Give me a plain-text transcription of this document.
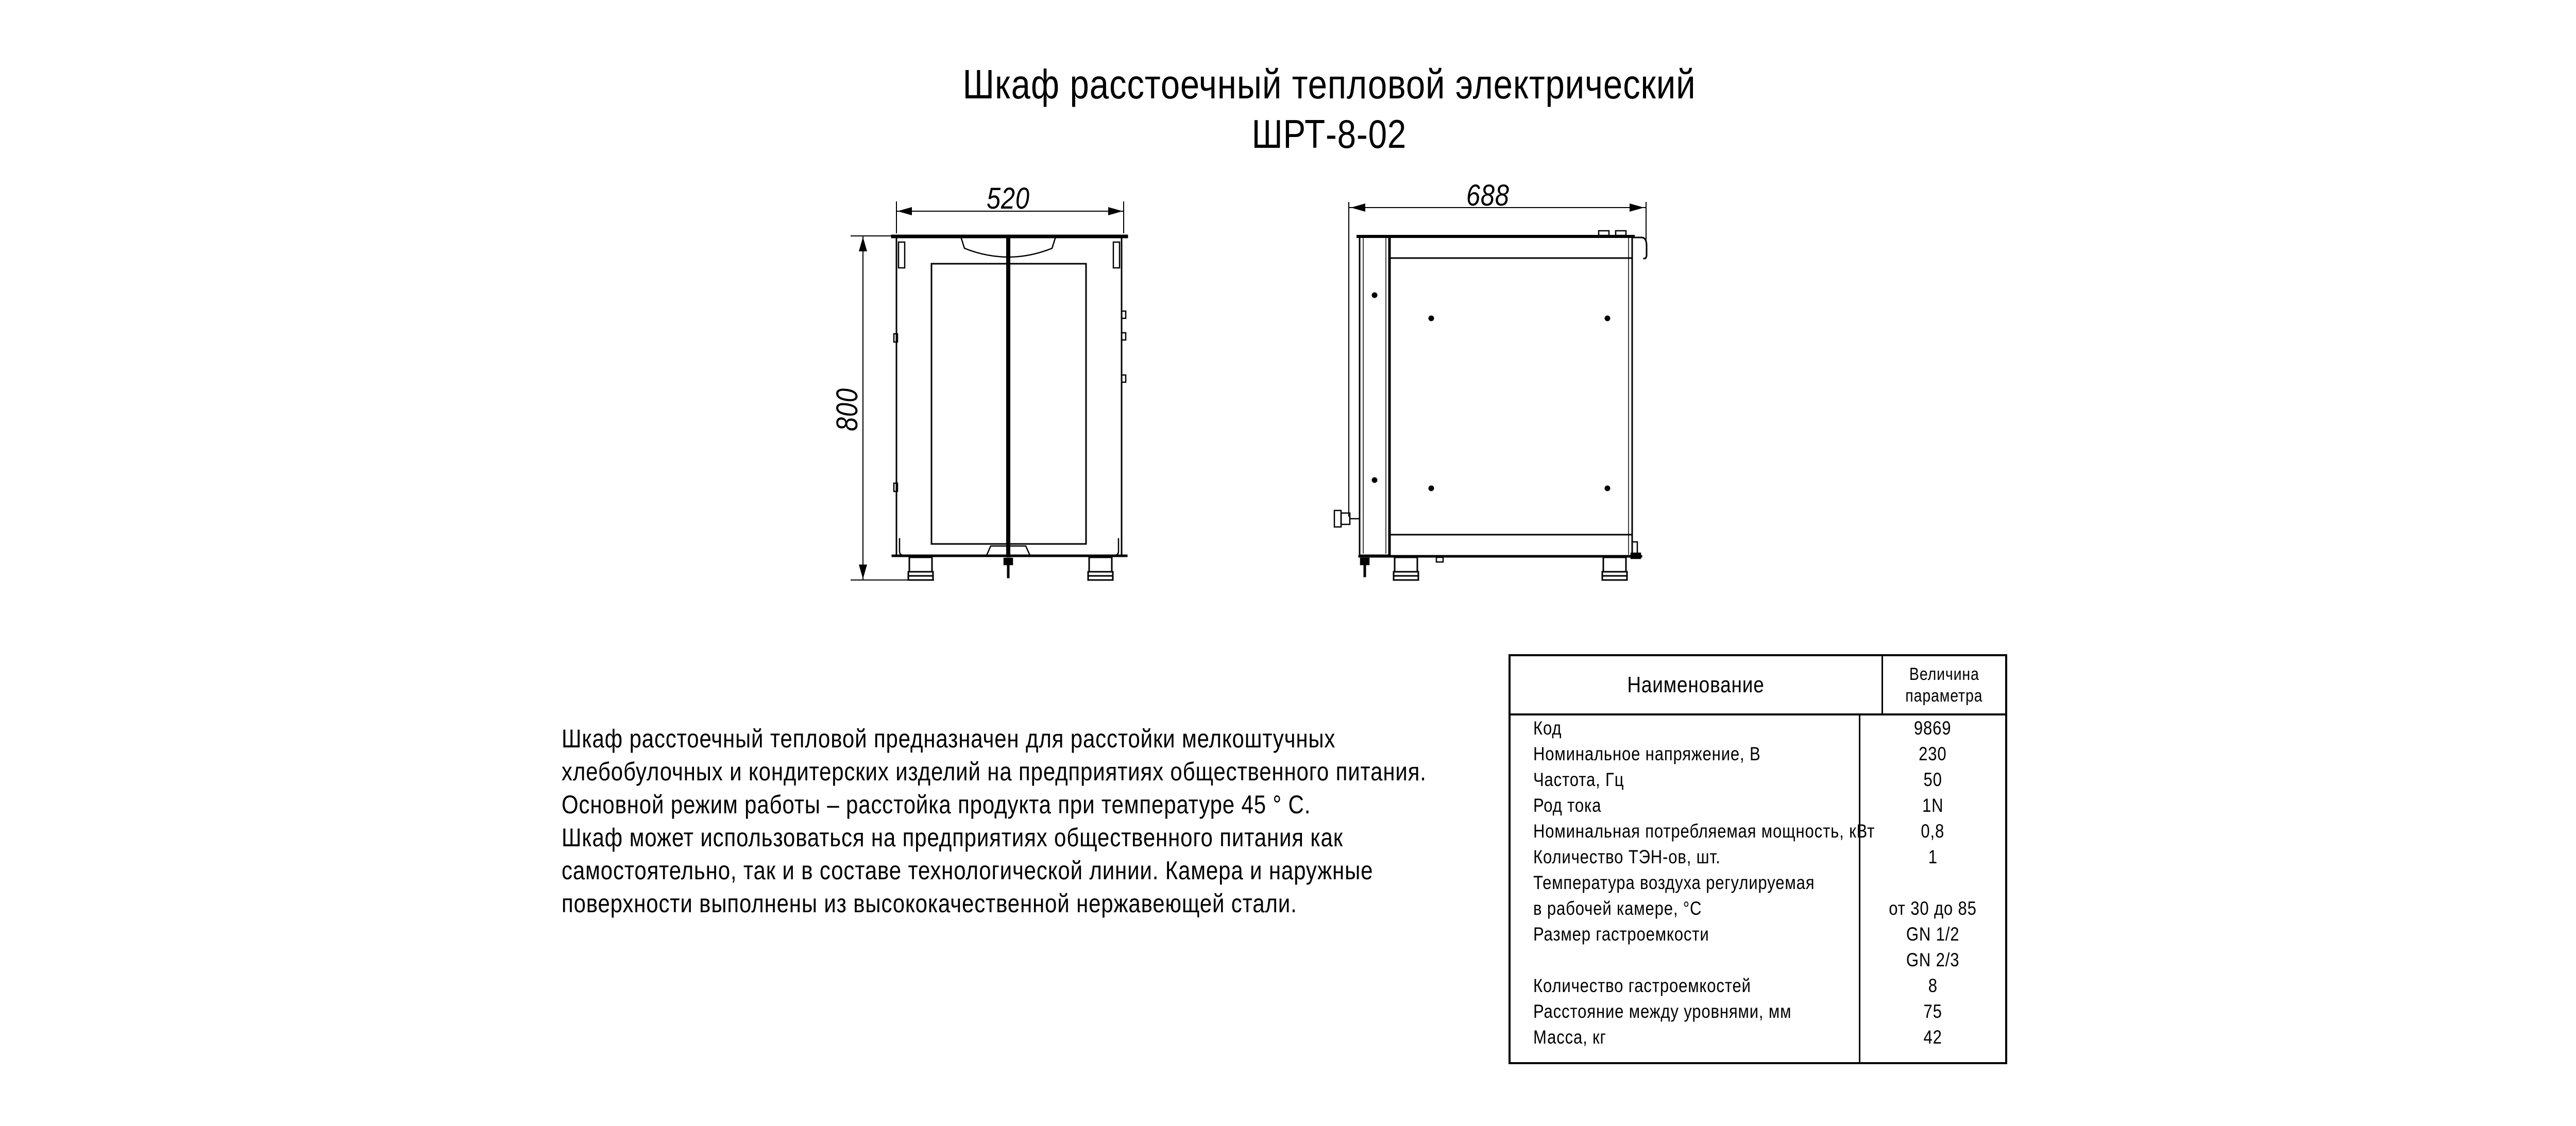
Шкаф расстоечный тепловой электрический
ШРТ-8-02
520
800
688
Шкаф расстоечный тепловой предназначен для расстойки мелкоштучных
хлебобулочных и кондитерских изделий на предприятиях общественного питания.
Основной режим работы – расстойка продукта при температуре 45 ° С.
Шкаф может использоваться на предприятиях общественного питания как
самостоятельно, так и в составе технологической линии. Камера и наружные
поверхности выполнены из высококачественной нержавеющей стали.
Наименование	Величина
параметра
Код	9869
Номинальное напряжение, В	230
Частота, Гц	50
Род тока	1N
Номинальная потребляемая мощность, кВт 0,8
Количество ТЭН-ов, шт.	1
Температура воздуха регулируемая
в рабочей камере, °С	от 30 до 85
Размер гастроемкости	GN 1/2
GN 2/3
Количество гастроемкостей	8
Расстояние между уровнями, мм	75
Масса, кг	42
